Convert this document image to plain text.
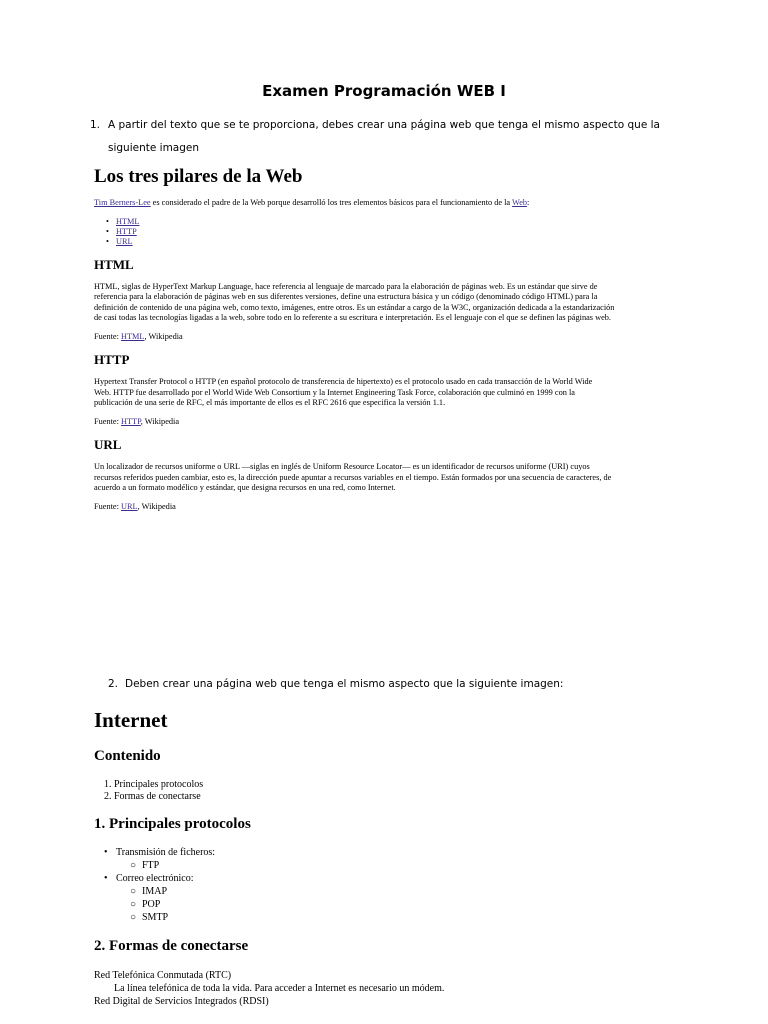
Examen Programación WEB I
1. A partir del texto que se te proporciona, debes crear una página web que tenga el mismo aspecto que la
siguiente imagen
Los tres pilares de la Web
Tim Berners-Lee es considerado el padre de la Web porque desarrolló los tres elementos básicos para el funcionamiento de la Web:
• HTML
• HTTP
• URL
HTML
HTML, siglas de HyperText Markup Language, hace referencia al lenguaje de marcado para la elaboración de páginas web. Es un estándar que sirve de
referencia para la elaboración de páginas web en sus diferentes versiones, define una estructura básica y un código (denominado código HTML) para la
definición de contenido de una página web, como texto, imágenes, entre otros. Es un estándar a cargo de la W3C, organización dedicada a la estandarización
de casi todas las tecnologías ligadas a la web, sobre todo en lo referente a su escritura e interpretación. Es el lenguaje con el que se definen las páginas web.
Fuente: HTML, Wikipedia
HTTP
Hypertext Transfer Protocol o HTTP (en español protocolo de transferencia de hipertexto) es el protocolo usado en cada transacción de la World Wide
Web. HTTP fue desarrollado por el World Wide Web Consortium y la Internet Engineering Task Force, colaboración que culminó en 1999 con la
publicación de una serie de RFC, el más importante de ellos es el RFC 2616 que especifica la versión 1.1.
Fuente: HTTP, Wikipedia
URL
Un localizador de recursos uniforme o URL —siglas en inglés de Uniform Resource Locator— es un identificador de recursos uniforme (URI) cuyos
recursos referidos pueden cambiar, esto es, la dirección puede apuntar a recursos variables en el tiempo. Están formados por una secuencia de caracteres, de
acuerdo a un formato modélico y estándar, que designa recursos en una red, como Internet.
Fuente: URL, Wikipedia
2. Deben crear una página web que tenga el mismo aspecto que la siguiente imagen:
Internet
Contenido
1. Principales protocolos
2. Formas de conectarse
1. Principales protocolos
• Transmisión de ficheros:
○ FTP
• Correo electrónico:
○ IMAP
○ POP
○ SMTP
2. Formas de conectarse
Red Telefónica Conmutada (RTC)
La línea telefónica de toda la vida. Para acceder a Internet es necesario un módem.
Red Digital de Servicios Integrados (RDSI)
